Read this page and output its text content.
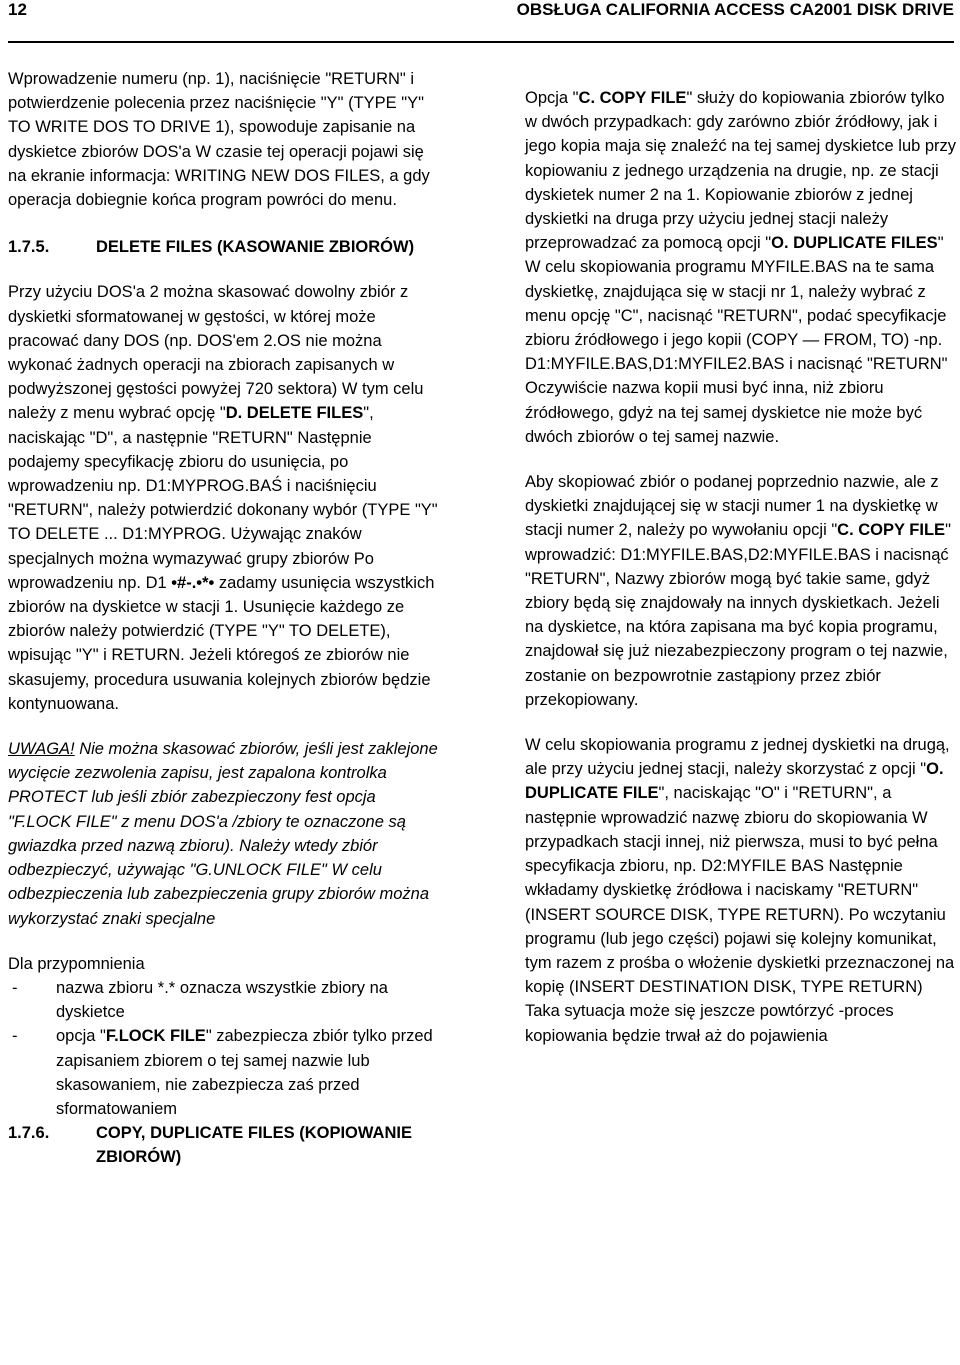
12	OBSŁUGA CALIFORNIA ACCESS CA2001 DISK DRIVE

Wprowadzenie numeru (np. 1), naciśnięcie "RETURN" i potwierdzenie polecenia przez naciśnięcie "Y" (TYPE "Y" TO WRITE DOS TO DRIVE 1), spowoduje zapisanie na dyskietce zbiorów DOS'a W czasie tej operacji pojawi się na ekranie informacja: WRITING NEW DOS FILES, a gdy operacja dobiegnie końca program powróci do menu.

1.7.5.	DELETE FILES (KASOWANIE ZBIORÓW)

Przy użyciu DOS'a 2 można skasować dowolny zbiór z dyskietki sformatowanej w gęstości, w której może pracować dany DOS (np. DOS'em 2.OS nie można wykonać żadnych operacji na zbiorach zapisanych w podwyższonej gęstości powyżej 720 sektora) W tym celu należy z menu wybrać opcję "D. DELETE FILES", naciskając "D", a następnie "RETURN" Następnie podajemy specyfikację zbioru do usunięcia, po wprowadzeniu np. D1:MYPROG.BAŚ i naciśnięciu "RETURN", należy potwierdzić dokonany wybór (TYPE "Y" TO DELETE ... D1:MYPROG. Używając znaków specjalnych można wymazywać grupy zbiorów Po wprowadzeniu np. D1 •#-.•*• zadamy usunięcia wszystkich zbiorów na dyskietce w stacji 1. Usunięcie każdego ze zbiorów należy potwierdzić (TYPE "Y" TO DELETE), wpisując "Y" i RETURN. Jeżeli któregoś ze zbiorów nie skasujemy, procedura usuwania kolejnych zbiorów będzie kontynuowana.

UWAGA! Nie można skasować zbiorów, jeśli jest zaklejone wycięcie zezwolenia zapisu, jest zapalona kontrolka PROTECT lub jeśli zbiór zabezpieczony fest opcja "F.LOCK FILE" z menu DOS'a /zbiory te oznaczone są gwiazdka przed nazwą zbioru). Należy wtedy zbiór odbezpieczyć, używając "G.UNLOCK FILE" W celu odbezpieczenia lub zabezpieczenia grupy zbiorów można wykorzystać znaki specjalne

Dla przypomnienia

-	nazwa zbioru *.* oznacza wszystkie zbiory na dyskietce
-	opcja "F.LOCK FILE" zabezpiecza zbiór tylko przed zapisaniem zbiorem o tej samej nazwie lub skasowaniem, nie zabezpiecza zaś przed sformatowaniem
1.7.6.	COPY, DUPLICATE FILES (KOPIOWANIE ZBIORÓW)

Opcja "C. COPY FILE" służy do kopiowania zbiorów tylko w dwóch przypadkach: gdy zarówno zbiór źródłowy, jak i jego kopia maja się znaleźć na tej samej dyskietce lub przy kopiowaniu z jednego urządzenia na drugie, np. ze stacji dyskietek numer 2 na 1. Kopiowanie zbiorów z jednej dyskietki na druga przy użyciu jednej stacji należy przeprowadzać za pomocą opcji "O. DUPLICATE FILES" W celu skopiowania programu MYFILE.BAS na te sama dyskietkę, znajdująca się w stacji nr 1, należy wybrać z menu opcję "C", nacisnąć "RETURN", podać specyfikacje zbioru źródłowego i jego kopii (COPY — FROM, TO) -np. D1:MYFILE.BAS,D1:MYFILE2.BAS i nacisnąć "RETURN" Oczywiście nazwa kopii musi być inna, niż zbioru źródłowego, gdyż na tej samej dyskietce nie może być dwóch zbiorów o tej samej nazwie.

Aby skopiować zbiór o podanej poprzednio nazwie, ale z dyskietki znajdującej się w stacji numer 1 na dyskietkę w stacji numer 2, należy po wywołaniu opcji "C. COPY FILE" wprowadzić: D1:MYFILE.BAS,D2:MYFILE.BAS i nacisnąć "RETURN", Nazwy zbiorów mogą być takie same, gdyż zbiory będą się znajdowały na innych dyskietkach. Jeżeli na dyskietce, na która zapisana ma być kopia programu, znajdował się już niezabezpieczony program o tej nazwie, zostanie on bezpowrotnie zastąpiony przez zbiór przekopiowany.

W celu skopiowania programu z jednej dyskietki na drugą, ale przy użyciu jednej stacji, należy skorzystać z opcji "O. DUPLICATE FILE", naciskając "O" i "RETURN", a następnie wprowadzić nazwę zbioru do skopiowania W przypadkach stacji innej, niż pierwsza, musi to być pełna specyfikacja zbioru, np. D2:MYFILE BAS Następnie wkładamy dyskietkę źródłowa i naciskamy "RETURN" (INSERT SOURCE DISK, TYPE RETURN). Po wczytaniu programu (lub jego części) pojawi się kolejny komunikat, tym razem z prośba o włożenie dyskietki przeznaczonej na kopię (INSERT DESTINATION DISK, TYPE RETURN) Taka sytuacja może się jeszcze powtórzyć -proces kopiowania będzie trwał aż do pojawienia
